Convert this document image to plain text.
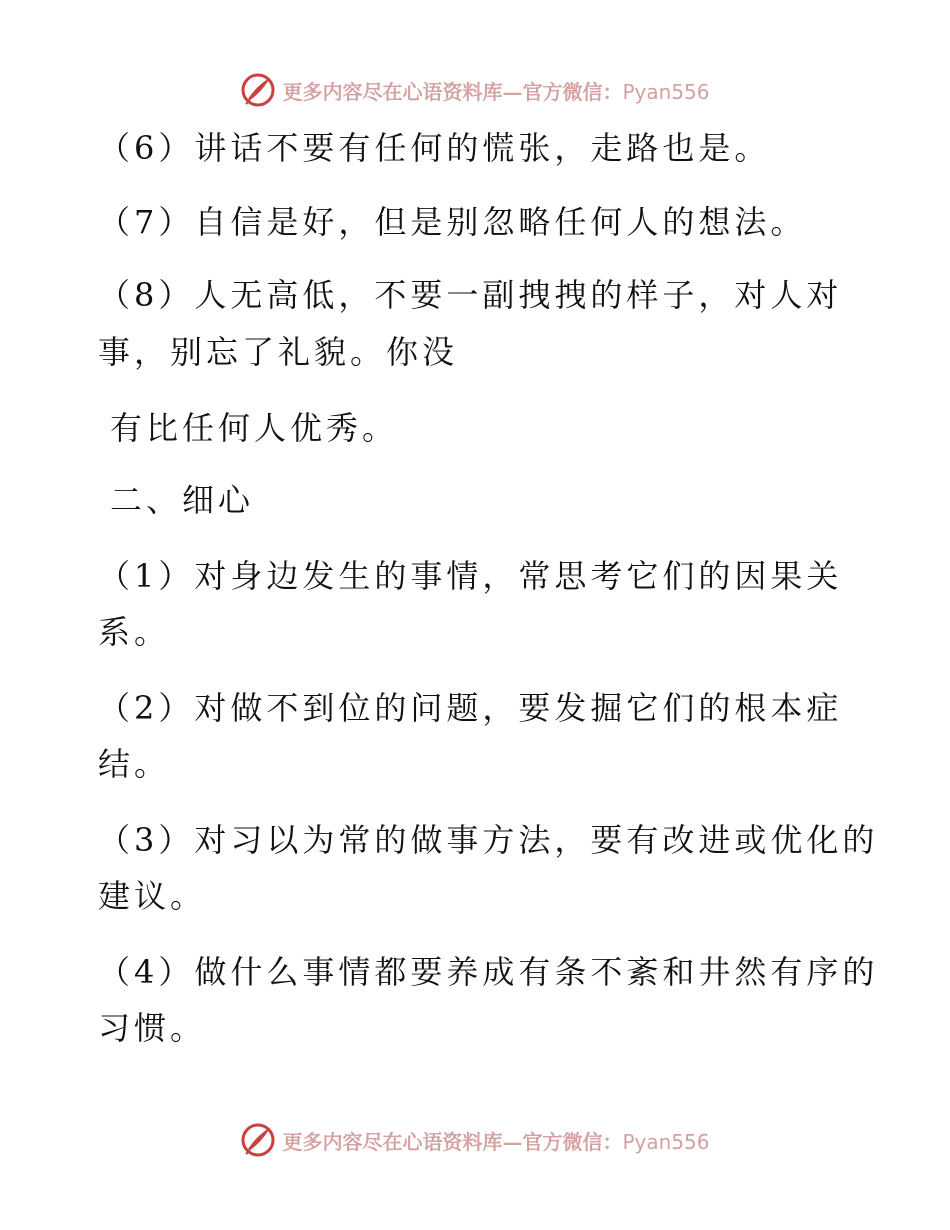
更多内容尽在心语资料库—官方微信：Pyan556
（6）讲话不要有任何的慌张，走路也是。
（7）自信是好，但是别忽略任何人的想法。
（8）人无高低，不要一副拽拽的样子，对人对
事，别忘了礼貌。你没
有比任何人优秀。
二、细心
（1）对身边发生的事情，常思考它们的因果关
系。
（2）对做不到位的问题，要发掘它们的根本症
结。
（3）对习以为常的做事方法，要有改进或优化的
建议。
（4）做什么事情都要养成有条不紊和井然有序的
习惯。
更多内容尽在心语资料库—官方微信：Pyan556
